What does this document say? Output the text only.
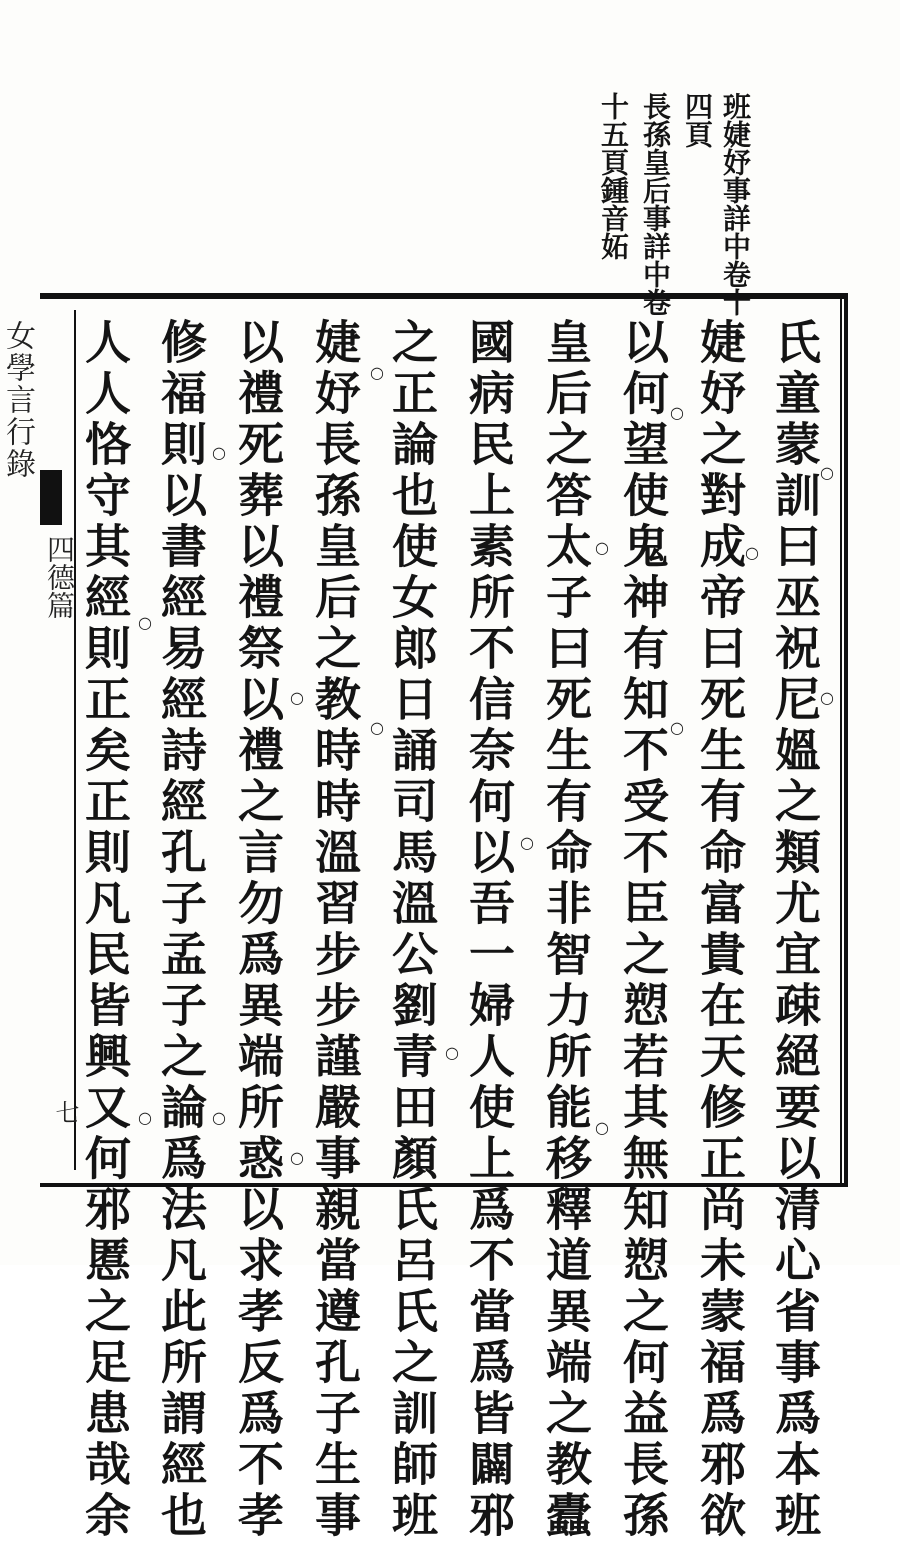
班婕妤事詳中卷十
四頁
長孫皇后事詳中卷
十五頁鍾音妬
女學言行錄
四德篇
七	氏童蒙訓曰巫祝尼媼之類尤宜疎絕要以清心省事爲本班
婕妤之對成帝曰死生有命富貴在天修正尚未蒙福爲邪欲
以何望使鬼神有知不受不臣之愬若其無知愬之何益長孫
皇后之答太子曰死生有命非智力所能移釋道異端之教蠹
國病民上素所不信奈何以吾一婦人使上爲不當爲皆闢邪
之正論也使女郎日誦司馬溫公劉青田顏氏呂氏之訓師班
婕妤長孫皇后之教時時溫習步步謹嚴事親當遵孔子生事
以禮死葬以禮祭以禮之言勿爲異端所惑以求孝反爲不孝
修福則以書經易經詩經孔子孟子之論爲法凡此所謂經也
人人恪守其經則正矣正則凡民皆興又何邪慝之足患哉余	○
○
○
○
○
○
○
○
○
○
○
○
○
○
○
○
○
